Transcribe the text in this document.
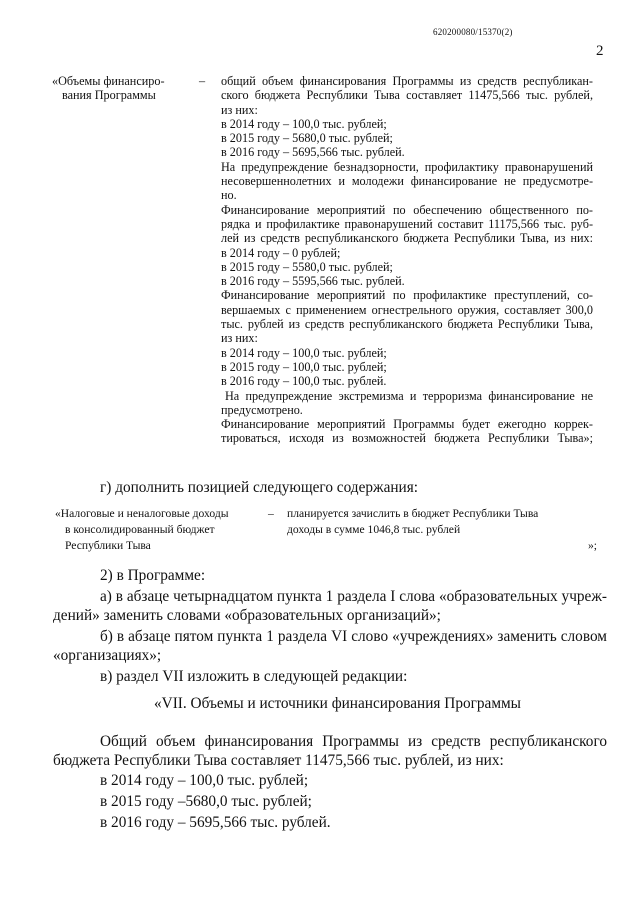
620200080/15370(2)
2
«Объемы финансиро-
вания Программы
– общий объем финансирования Программы из средств республикан-
ского бюджета Республики Тыва составляет 11475,566 тыс. рублей,
из них:
в 2014 году – 100,0 тыс. рублей;
в 2015 году – 5680,0 тыс. рублей;
в 2016 году – 5695,566 тыс. рублей.
На предупреждение безнадзорности, профилактику правонарушений
несовершеннолетних и молодежи финансирование не предусмотре-
но.
Финансирование мероприятий по обеспечению общественного по-
рядка и профилактике правонарушений составит 11175,566 тыс. руб-
лей из средств республиканского бюджета Республики Тыва, из них:
в 2014 году – 0 рублей;
в 2015 году – 5580,0 тыс. рублей;
в 2016 году – 5595,566 тыс. рублей.
Финансирование мероприятий по профилактике преступлений, со-
вершаемых с применением огнестрельного оружия, составляет 300,0
тыс. рублей из средств республиканского бюджета Республики Тыва,
из них:
в 2014 году – 100,0 тыс. рублей;
в 2015 году – 100,0 тыс. рублей;
в 2016 году – 100,0 тыс. рублей.
На предупреждение экстремизма и терроризма финансирование не
предусмотрено.
Финансирование мероприятий Программы будет ежегодно коррек-
тироваться, исходя из возможностей бюджета Республики Тыва»;
г) дополнить позицией следующего содержания:
«Налоговые и неналоговые доходы
в консолидированный бюджет
Республики Тыва
– планируется зачислить в бюджет Республики Тыва
доходы в сумме 1046,8 тыс. рублей
»;
2) в Программе:
а) в абзаце четырнадцатом пункта 1 раздела I слова «образовательных учреж-
дений» заменить словами «образовательных организаций»;
б) в абзаце пятом пункта 1 раздела VI слово «учреждениях» заменить словом
«организациях»;
в) раздел VII изложить в следующей редакции:
«VII. Объемы и источники финансирования Программы
Общий объем финансирования Программы из средств республиканского
бюджета Республики Тыва составляет 11475,566 тыс. рублей, из них:
в 2014 году – 100,0 тыс. рублей;
в 2015 году –5680,0 тыс. рублей;
в 2016 году – 5695,566 тыс. рублей.
